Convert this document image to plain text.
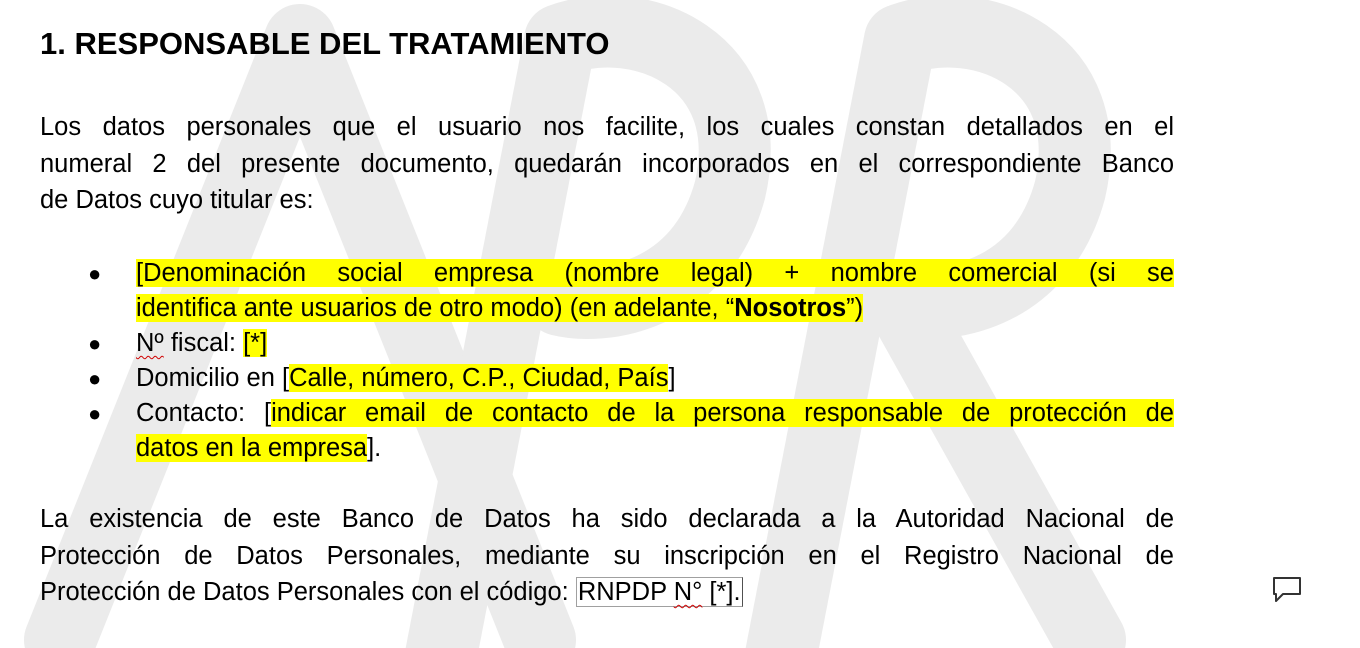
1. RESPONSABLE DEL TRATAMIENTO

Los datos personales que el usuario nos facilite, los cuales constan detallados en el
numeral 2 del presente documento, quedarán incorporados en el correspondiente Banco
de Datos cuyo titular es:

● [Denominación social empresa (nombre legal) + nombre comercial (si se
identifica ante usuarios de otro modo) (en adelante, “Nosotros”)
● Nº fiscal: [*]
● Domicilio en [Calle, número, C.P., Ciudad, País]
● Contacto: [indicar email de contacto de la persona responsable de protección de
datos en la empresa].

La existencia de este Banco de Datos ha sido declarada a la Autoridad Nacional de
Protección de Datos Personales, mediante su inscripción en el Registro Nacional de
Protección de Datos Personales con el código: RNPDP N° [*].
